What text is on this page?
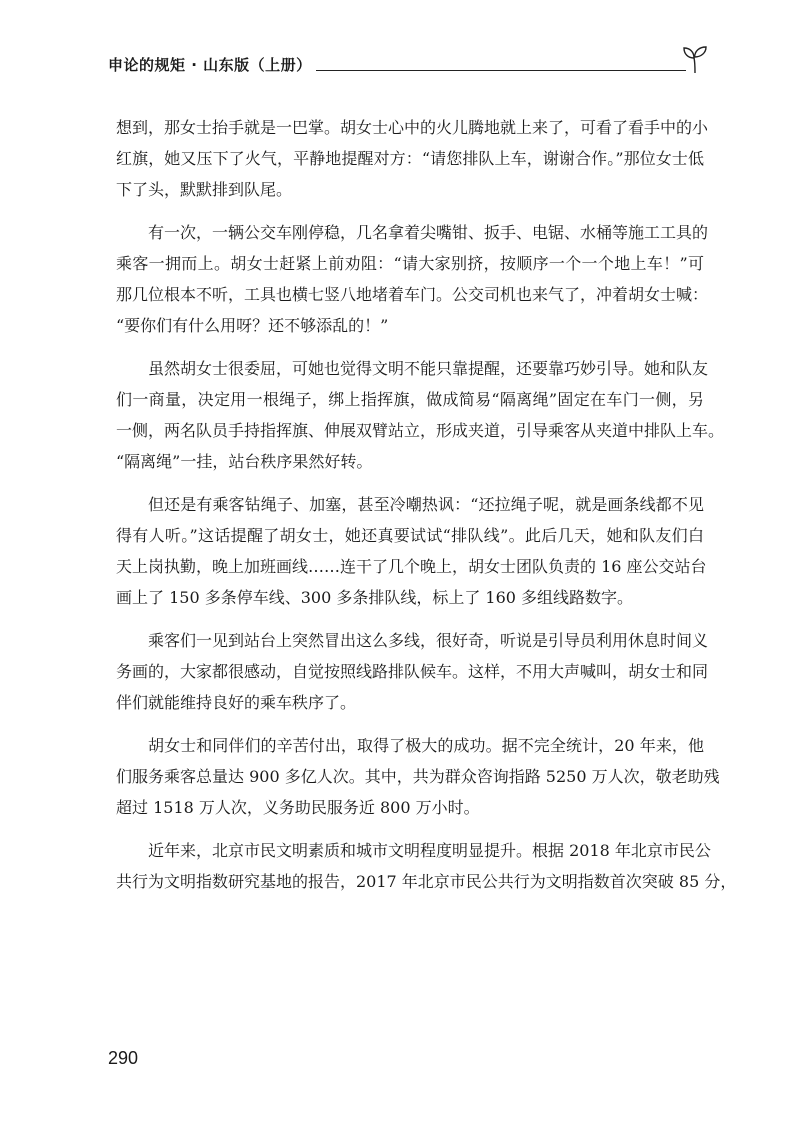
申论的规矩 · 山东版（上册）

想到，那女士抬手就是一巴掌。胡女士心中的火儿腾地就上来了，可看了看手中的小
红旗，她又压下了火气，平静地提醒对方：“请您排队上车，谢谢合作。”那位女士低
下了头，默默排到队尾。

有一次，一辆公交车刚停稳，几名拿着尖嘴钳、扳手、电锯、水桶等施工工具的
乘客一拥而上。胡女士赶紧上前劝阻：“请大家别挤，按顺序一个一个地上车！”可
那几位根本不听，工具也横七竖八地堵着车门。公交司机也来气了，冲着胡女士喊：
“要你们有什么用呀？还不够添乱的！”

虽然胡女士很委屈，可她也觉得文明不能只靠提醒，还要靠巧妙引导。她和队友
们一商量，决定用一根绳子，绑上指挥旗，做成简易“隔离绳”固定在车门一侧，另
一侧，两名队员手持指挥旗、伸展双臂站立，形成夹道，引导乘客从夹道中排队上车。
“隔离绳”一挂，站台秩序果然好转。

但还是有乘客钻绳子、加塞，甚至冷嘲热讽：“还拉绳子呢，就是画条线都不见
得有人听。”这话提醒了胡女士，她还真要试试“排队线”。此后几天，她和队友们白
天上岗执勤，晚上加班画线……连干了几个晚上，胡女士团队负责的 16 座公交站台
画上了 150 多条停车线、300 多条排队线，标上了 160 多组线路数字。

乘客们一见到站台上突然冒出这么多线，很好奇，听说是引导员利用休息时间义
务画的，大家都很感动，自觉按照线路排队候车。这样，不用大声喊叫，胡女士和同
伴们就能维持良好的乘车秩序了。

胡女士和同伴们的辛苦付出，取得了极大的成功。据不完全统计，20 年来，他
们服务乘客总量达 900 多亿人次。其中，共为群众咨询指路 5250 万人次，敬老助残
超过 1518 万人次，义务助民服务近 800 万小时。

近年来，北京市民文明素质和城市文明程度明显提升。根据 2018 年北京市民公
共行为文明指数研究基地的报告，2017 年北京市民公共行为文明指数首次突破 85 分，

290
